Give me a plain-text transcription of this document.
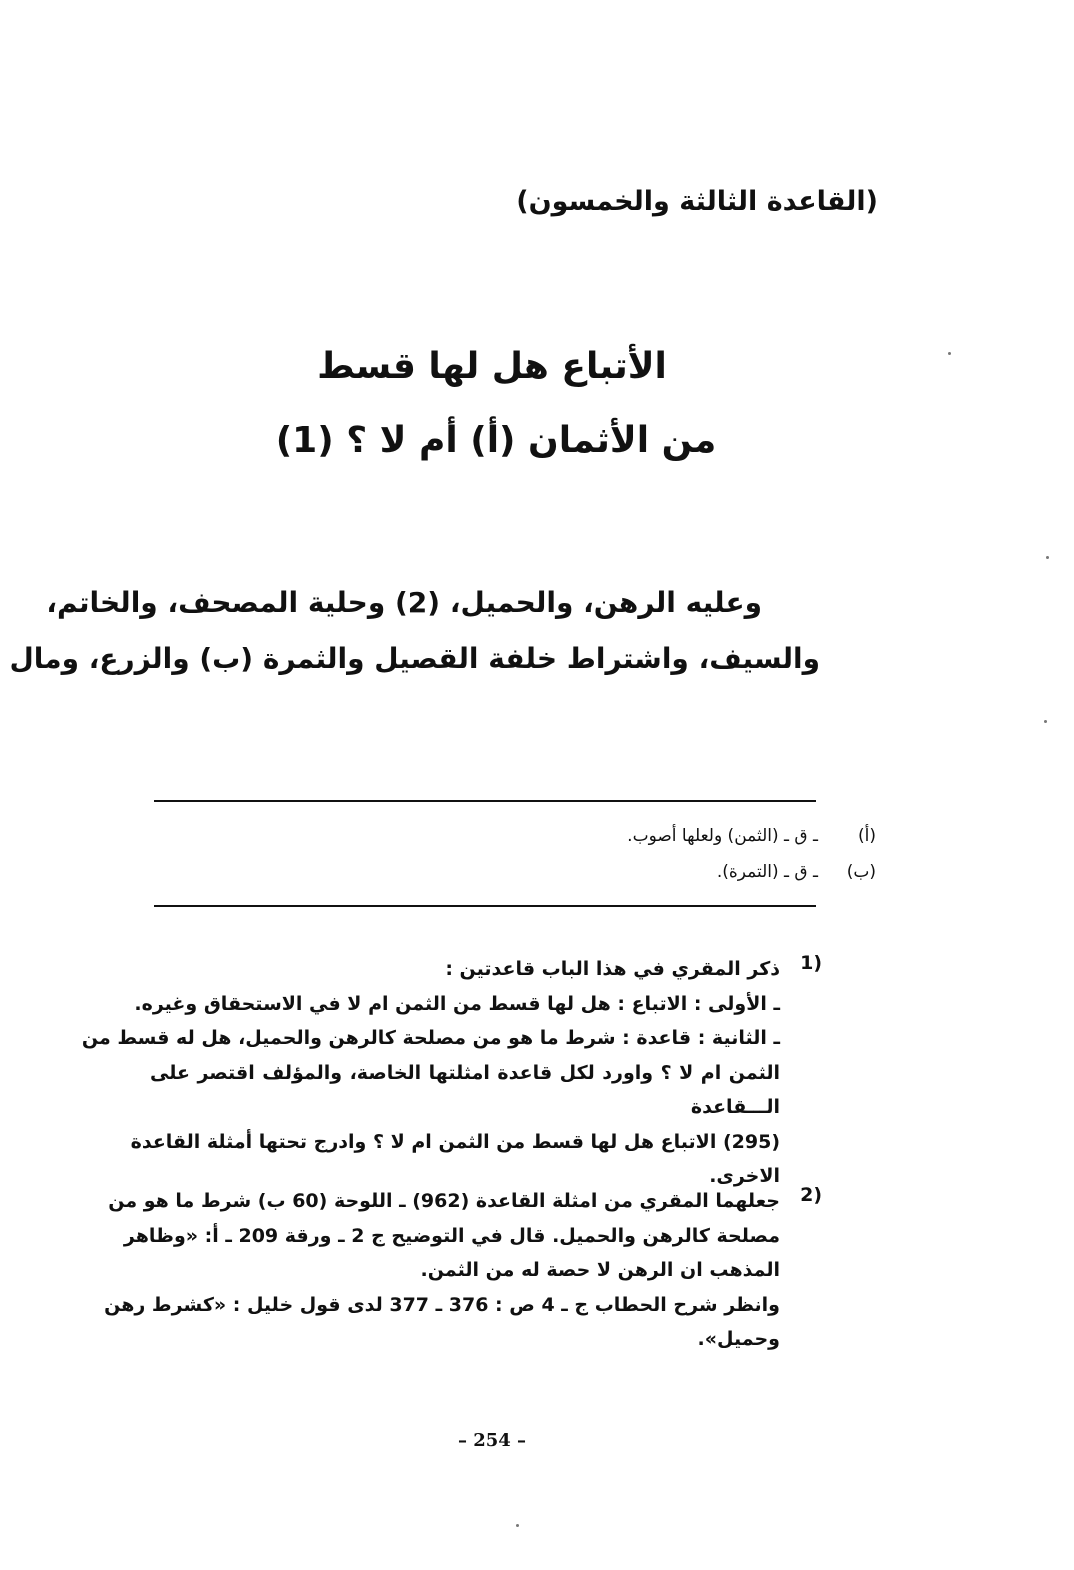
(القاعدة الثالثة والخمسون)
الأتباع هل لها قسط
من الأثمان (أ) أم لا ؟ (1)
وعليه الرهن، والحميل، (2) وحلية المصحف، والخاتم،
والسيف، واشتراط خلفة القصيل والثمرة (ب) والزرع، ومال
(أ)
ـ ق ـ (الثمن) ولعلها أصوب.
(ب)
ـ ق ـ (التمرة).
(1
ذكر المقري في هذا الباب قاعدتين :
ـ الأولى : الاتباع : هل لها قسط من الثمن ام لا في الاستحقاق وغيره.
ـ الثانية : قاعدة : شرط ما هو من مصلحة كالرهن والحميل، هل له قسط من
الثمن ام لا ؟ واورد لكل قاعدة امثلتها الخاصة، والمؤلف اقتصر على
الـــقاعدة
(295) الاتباع هل لها قسط من الثمن ام لا ؟ وادرج تحتها أمثلة القاعدة
الاخرى.
(2
جعلهما المقري من امثلة القاعدة (962) ـ اللوحة (60 ب) شرط ما هو من
مصلحة كالرهن والحميل. قال في التوضيح ج 2 ـ ورقة 209 ـ أ: «وظاهر
المذهب ان الرهن لا حصة له من الثمن.
وانظر شرح الحطاب ج ـ 4 ص : 376 ـ 377 لدى قول خليل : «كشرط رهن
وحميل».
– 254 –
